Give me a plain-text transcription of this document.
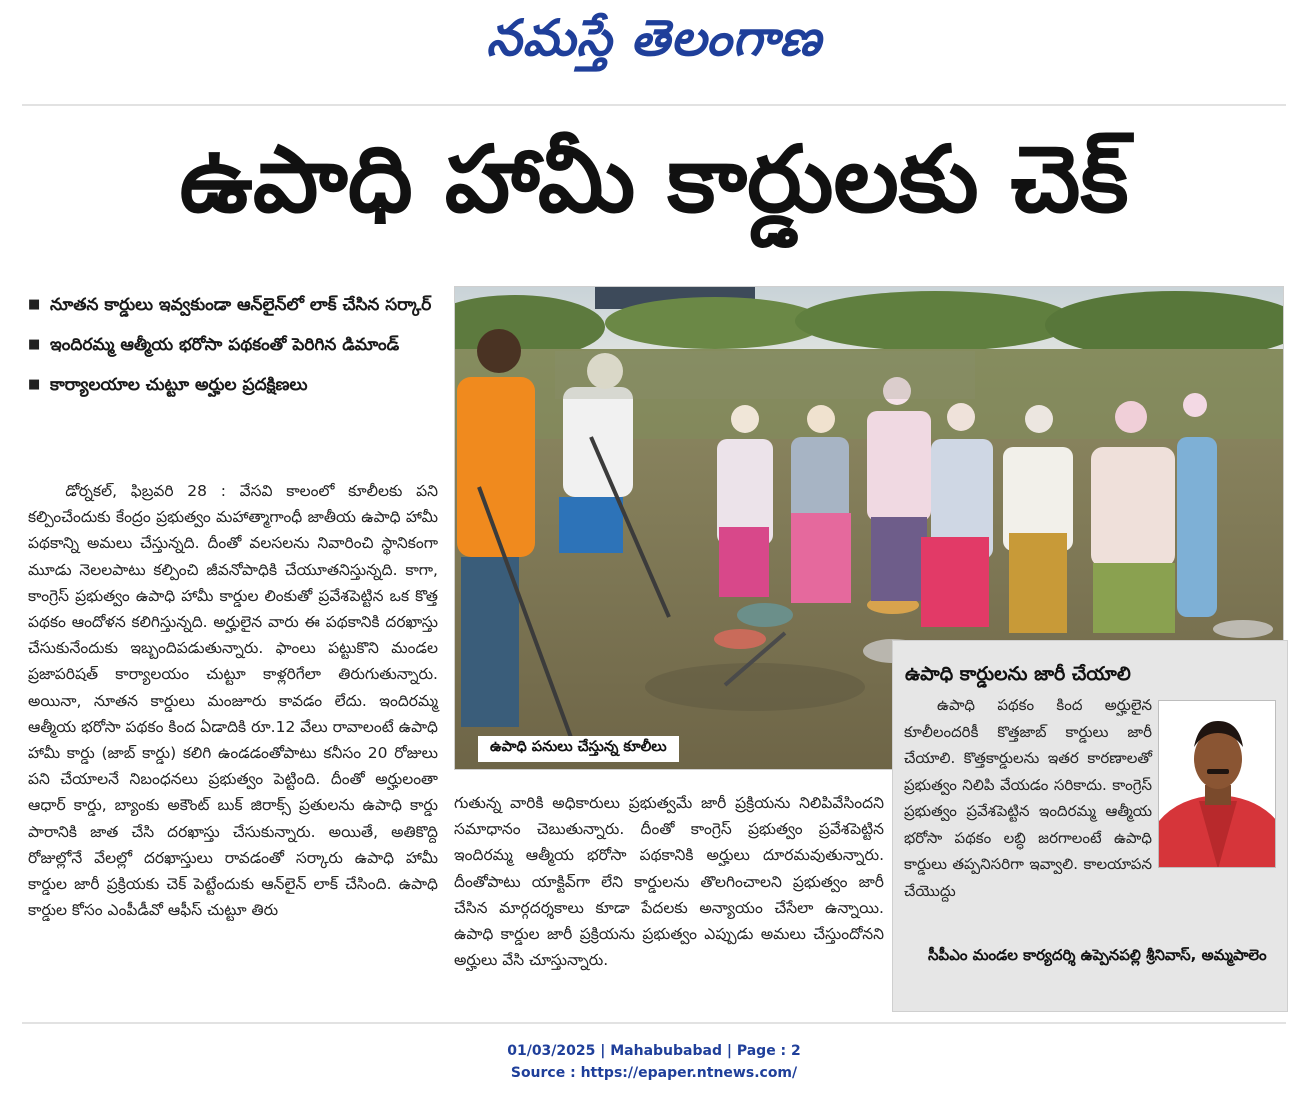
నమస్తే తెలంగాణ
ఉపాధి హామీ కార్డులకు చెక్
■ నూతన కార్డులు ఇవ్వకుండా ఆన్‌లైన్‌లో లాక్ చేసిన సర్కార్
■ ఇందిరమ్మ ఆత్మీయ భరోసా పథకంతో పెరిగిన డిమాండ్
■ కార్యాలయాల చుట్టూ అర్హుల ప్రదక్షిణలు
డోర్నకల్, ఫిబ్రవరి 28 : వేసవి కాలంలో కూలీలకు పని కల్పించేందుకు కేంద్రం ప్రభుత్వం మహాత్మాగాంధీ జాతీయ ఉపాధి హామీ పథకాన్ని అమలు చేస్తున్నది. దీంతో వలసలను నివారించి స్థానికంగా మూడు నెలలపాటు కల్పించి జీవనోపాధికి చేయూతనిస్తున్నది. కాగా, కాంగ్రెస్ ప్రభుత్వం ఉపాధి హామీ కార్డుల లింకుతో ప్రవేశపెట్టిన ఒక కొత్త పథకం ఆందోళన కలిగిస్తున్నది. అర్హులైన వారు ఈ పథకానికి దరఖాస్తు చేసుకునేందుకు ఇబ్బందిపడుతున్నారు. ఫాంలు పట్టుకొని మండల ప్రజాపరిషత్ కార్యాలయం చుట్టూ కాళ్లరిగేలా తిరుగుతున్నారు. అయినా, నూతన కార్డులు మంజూరు కావడం లేదు. ఇందిరమ్మ ఆత్మీయ భరోసా పథకం కింద ఏడాదికి రూ.12 వేలు రావాలంటే ఉపాధి హామీ కార్డు (జాబ్ కార్డు) కలిగి ఉండడంతోపాటు కనీసం 20 రోజులు పని చేయాలనే నిబంధనలు ప్రభుత్వం పెట్టింది. దీంతో అర్హులంతా ఆధార్ కార్డు, బ్యాంకు అకౌంట్ బుక్ జిరాక్స్ ప్రతులను ఉపాధి కార్డు పారానికి జాత చేసి దరఖాస్తు చేసుకున్నారు. అయితే, అతికొద్ది రోజుల్లోనే వేలల్లో దరఖాస్తులు రావడంతో సర్కారు ఉపాధి హామీ కార్డుల జారీ ప్రక్రియకు చెక్ పెట్టేందుకు ఆన్‌లైన్ లాక్ చేసింది. ఉపాధి కార్డుల కోసం ఎంపీడీవో ఆఫీస్ చుట్టూ తిరు
ఉపాధి పనులు చేస్తున్న కూలీలు
గుతున్న వారికి అధికారులు ప్రభుత్వమే జారీ ప్రక్రియను నిలిపివేసిందని సమాధానం చెబుతున్నారు. దీంతో కాంగ్రెస్ ప్రభుత్వం ప్రవేశపెట్టిన ఇందిరమ్మ ఆత్మీయ భరోసా పథకానికి అర్హులు దూరమవుతున్నారు. దీంతోపాటు యాక్టివ్‌గా లేని కార్డులను తొలగించాలని ప్రభుత్వం జారీ చేసిన మార్గదర్శకాలు కూడా పేదలకు అన్యాయం చేసేలా ఉన్నాయి. ఉపాధి కార్డుల జారీ ప్రక్రియను ప్రభుత్వం ఎప్పుడు అమలు చేస్తుందోనని అర్హులు వేసి చూస్తున్నారు.
ఉపాధి కార్డులను జారీ చేయాలి
ఉపాధి పథకం కింద అర్హులైన కూలీలందరికీ కొత్తజాబ్ కార్డులు జారీ చేయాలి. కొత్తకార్డులను ఇతర కారణాలతో ప్రభుత్వం నిలిపి వేయడం సరికాదు. కాంగ్రెస్ ప్రభుత్వం ప్రవేశపెట్టిన ఇందిరమ్మ ఆత్మీయ భరోసా పథకం లబ్ధి జరగాలంటే ఉపాధి కార్డులు తప్పనిసరిగా ఇవ్వాలి. కాలయాపన చేయొద్దు
సీపీఎం మండల కార్యదర్శి ఉప్పెనపల్లి శ్రీనివాస్, అమ్మపాలెం
01/03/2025 | Mahabubabad | Page : 2
Source : https://epaper.ntnews.com/
